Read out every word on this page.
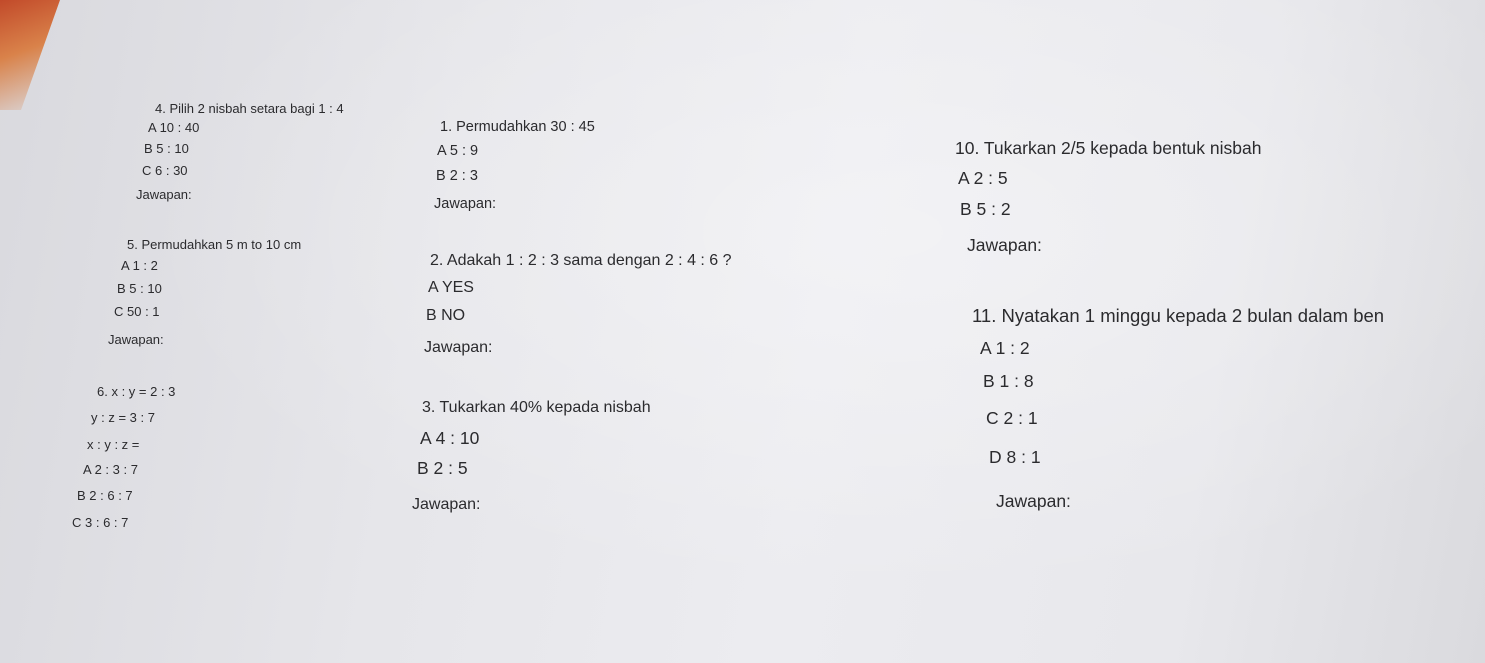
4. Pilih 2 nisbah setara bagi 1 : 4
A 10 : 40
B 5 : 10
C 6 : 30
Jawapan:
5. Permudahkan 5 m to 10 cm
A 1 : 2
B 5 : 10
C 50 : 1
Jawapan:
6. x : y = 2 : 3
y : z = 3 : 7
x : y : z =
A 2 : 3 : 7
B 2 : 6 : 7
C 3 : 6 : 7
1. Permudahkan 30 : 45
A 5 : 9
B 2 : 3
Jawapan:
2. Adakah 1 : 2 : 3 sama dengan 2 : 4 : 6 ?
A YES
B NO
Jawapan:
3. Tukarkan 40% kepada nisbah
A 4 : 10
B 2 : 5
Jawapan:
10. Tukarkan 2/5 kepada bentuk nisbah
A 2 : 5
B 5 : 2
Jawapan:
11. Nyatakan 1 minggu kepada 2 bulan dalam ben
A 1 : 2
B 1 : 8
C 2 : 1
D 8 : 1
Jawapan:
